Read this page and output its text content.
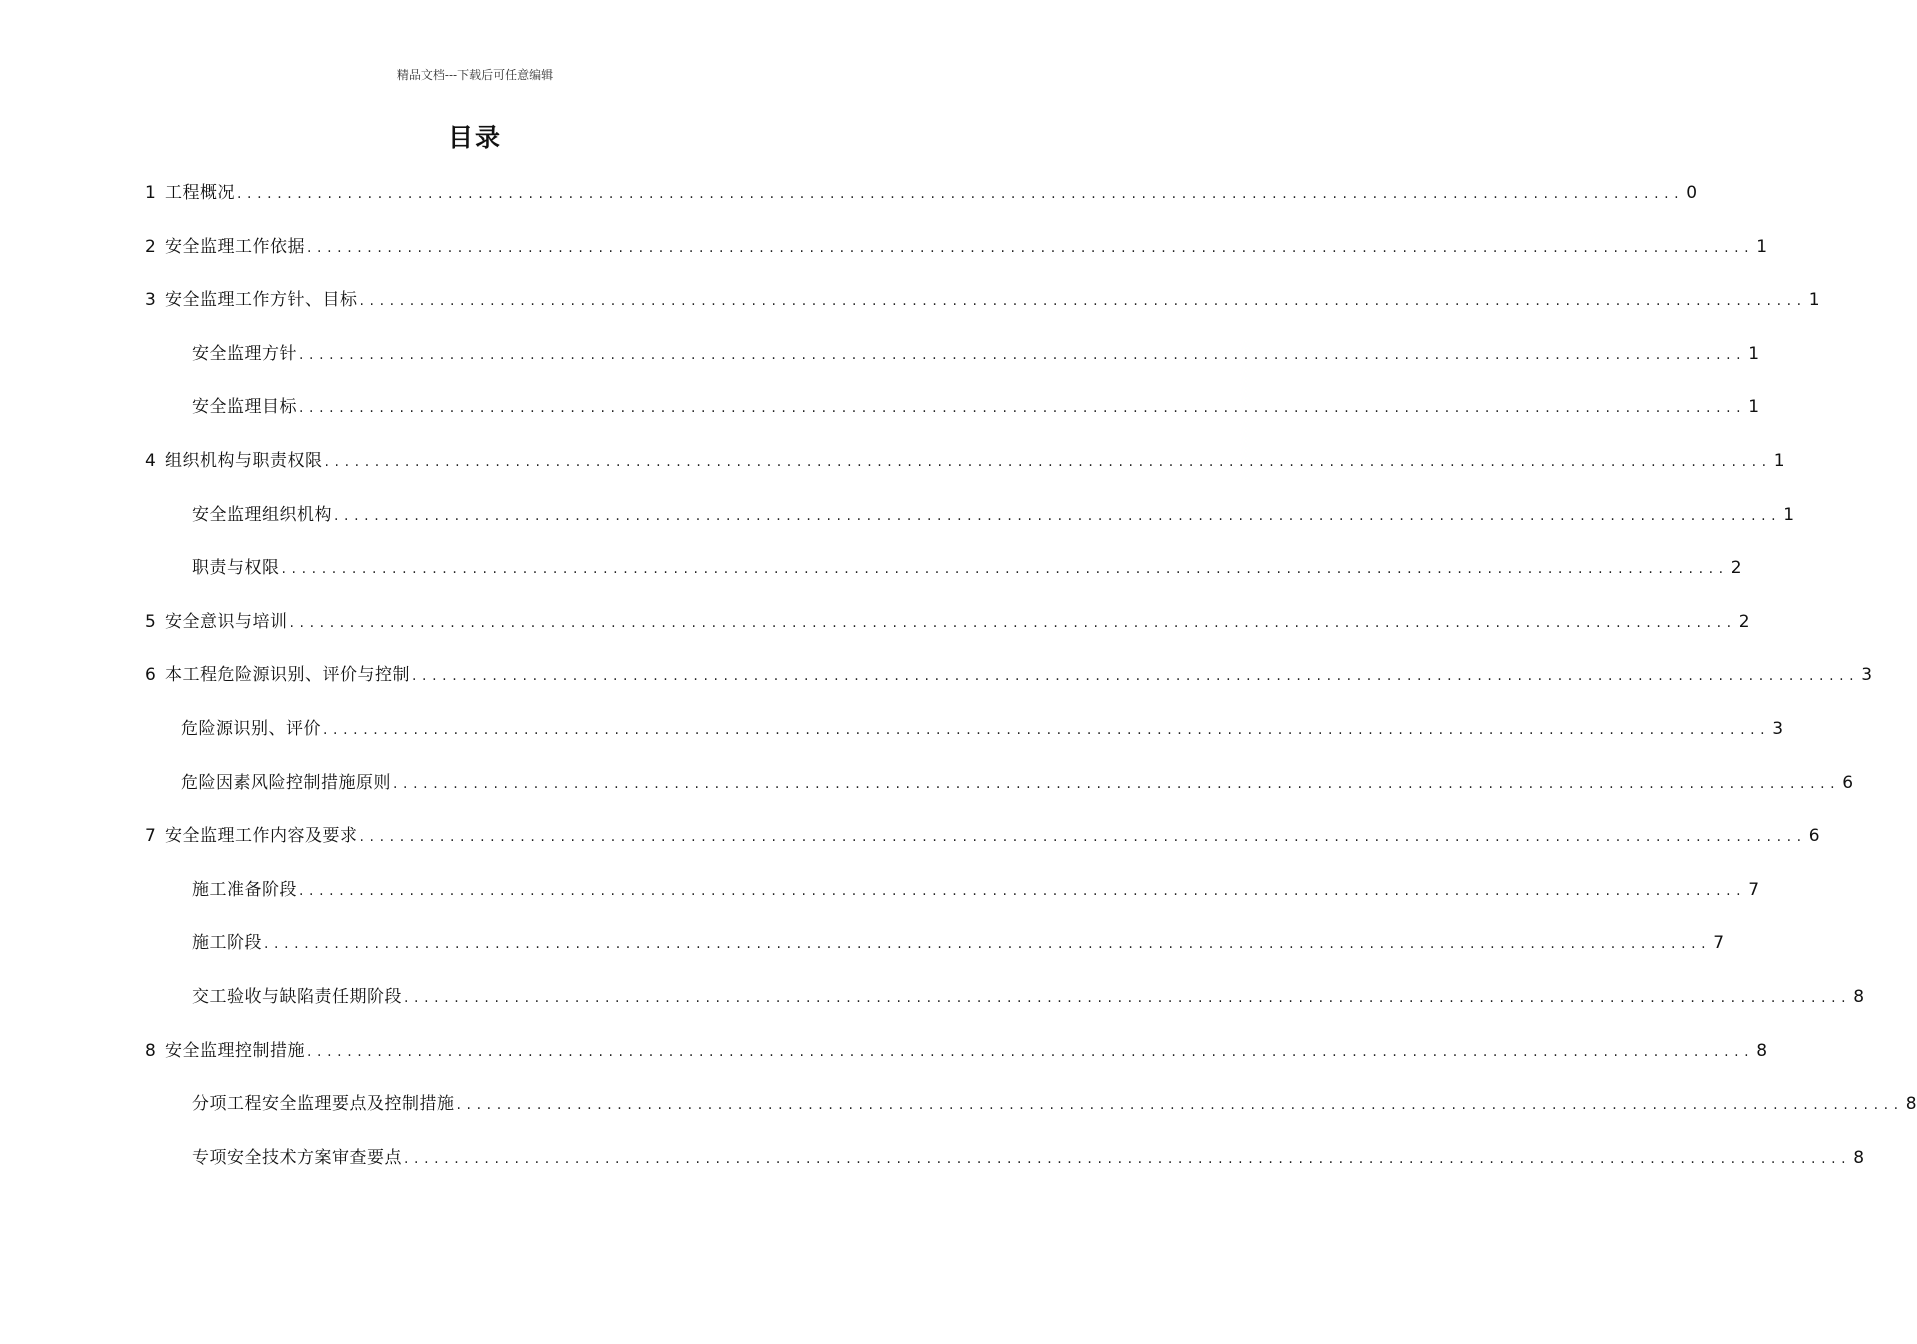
精品文档---下载后可任意编辑
目录
1 工程概况 ................................................................................................................................................ 0
2 安全监理工作依据 ................................................................................................................................................ 1
3 安全监理工作方针、目标 ................................................................................................................................................ 1
安全监理方针 ................................................................................................................................................ 1
安全监理目标 ................................................................................................................................................ 1
4 组织机构与职责权限 ................................................................................................................................................ 1
安全监理组织机构 ................................................................................................................................................ 1
职责与权限 ................................................................................................................................................ 2
5 安全意识与培训 ................................................................................................................................................ 2
6 本工程危险源识别、评价与控制 ................................................................................................................................................ 3
危险源识别、评价 ................................................................................................................................................ 3
危险因素风险控制措施原则 ................................................................................................................................................ 6
7 安全监理工作内容及要求 ................................................................................................................................................ 6
施工准备阶段 ................................................................................................................................................ 7
施工阶段 ................................................................................................................................................ 7
交工验收与缺陷责任期阶段 ................................................................................................................................................ 8
8 安全监理控制措施 ................................................................................................................................................ 8
分项工程安全监理要点及控制措施 ................................................................................................................................................ 8
专项安全技术方案审查要点 ................................................................................................................................................ 8
